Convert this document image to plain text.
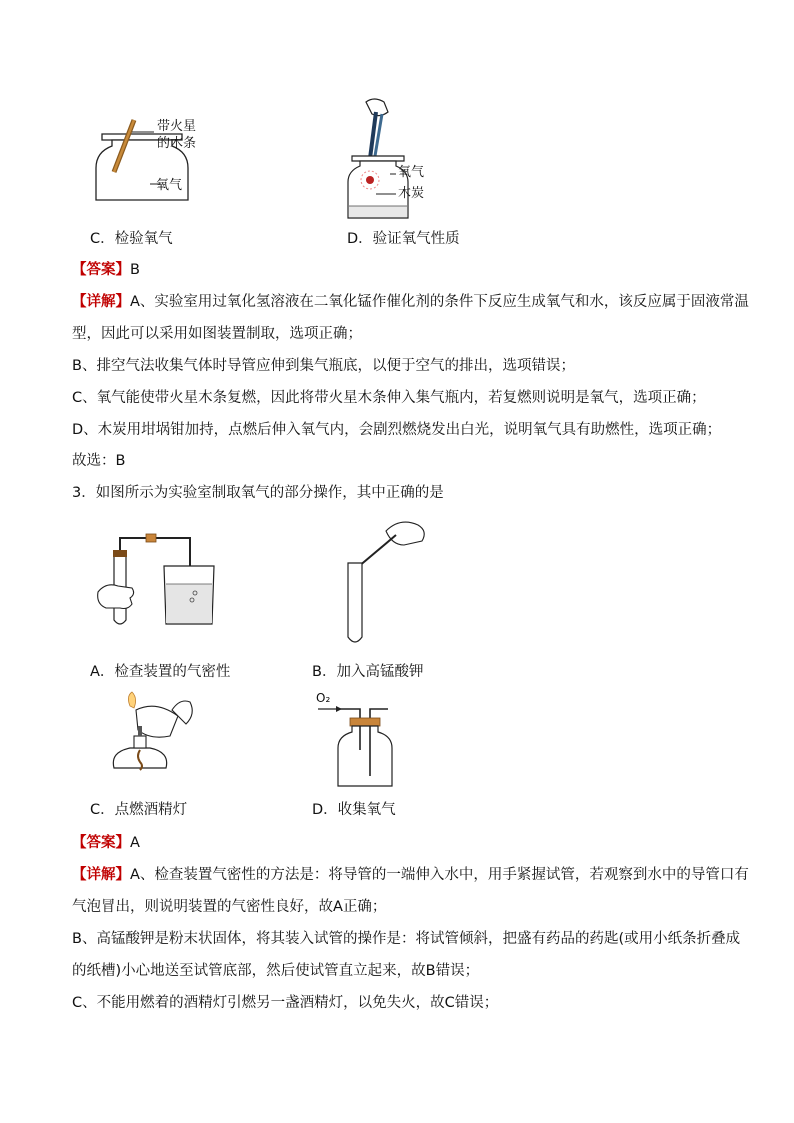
带火星的木条
氧气
C．检验氧气
氧气
木炭
D．验证氧气性质
【答案】B
【详解】A、实验室用过氧化氢溶液在二氧化锰作催化剂的条件下反应生成氧气和水，该反应属于固液常温
型，因此可以采用如图装置制取，选项正确；
B、排空气法收集气体时导管应伸到集气瓶底，以便于空气的排出，选项错误；
C、氧气能使带火星木条复燃，因此将带火星木条伸入集气瓶内，若复燃则说明是氧气，选项正确；
D、木炭用坩埚钳加持，点燃后伸入氧气内，会剧烈燃烧发出白光，说明氧气具有助燃性，选项正确；
故选：B
3．如图所示为实验室制取氧气的部分操作，其中正确的是
A．检查装置的气密性	B．加入高锰酸钾
C．点燃酒精灯
O₂
D．收集氧气
【答案】A
【详解】A、检查装置气密性的方法是：将导管的一端伸入水中，用手紧握试管，若观察到水中的导管口有
气泡冒出，则说明装置的气密性良好，故A正确；
B、高锰酸钾是粉末状固体，将其装入试管的操作是：将试管倾斜，把盛有药品的药匙(或用小纸条折叠成
的纸槽)小心地送至试管底部，然后使试管直立起来，故B错误；
C、不能用燃着的酒精灯引燃另一盏酒精灯，以免失火，故C错误；
